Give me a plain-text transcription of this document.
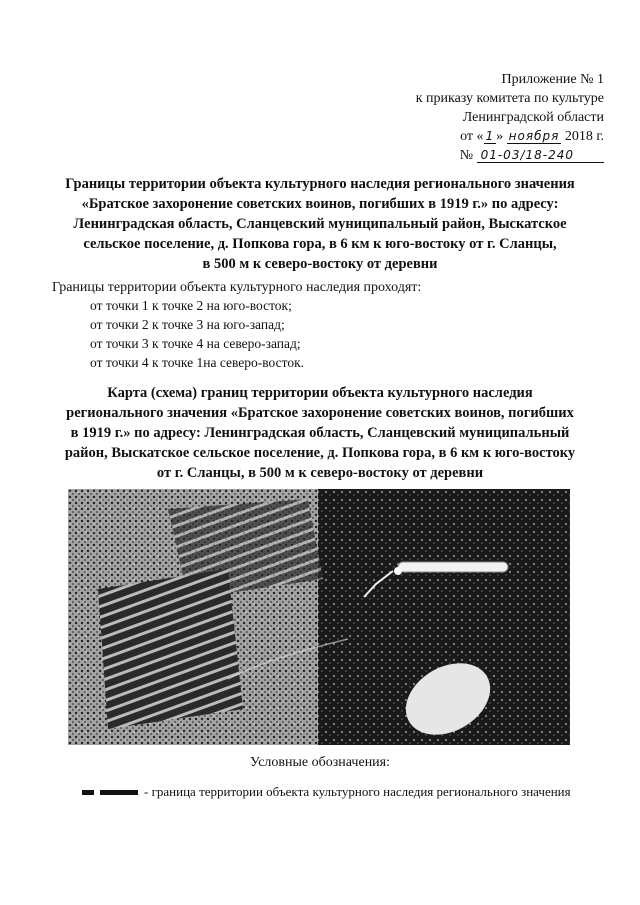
Приложение № 1
к приказу комитета по культуре
Ленинградской области
от « 1 » ноября 2018 г.
№ 01-03/18-240
Границы территории объекта культурного наследия регионального значения
«Братское захоронение советских воинов, погибших в 1919 г.» по адресу:
Ленинградская область, Сланцевский муниципальный район, Выскатское
сельское поселение, д. Попкова гора, в 6 км к юго-востоку от г. Сланцы,
в 500 м к северо-востоку от деревни
Границы территории объекта культурного наследия проходят:
от точки 1 к точке 2 на юго-восток;
от точки 2 к точке 3 на юго-запад;
от точки 3 к точке 4 на северо-запад;
от точки 4 к точке 1на северо-восток.
Карта (схема) границ территории объекта культурного наследия
регионального значения «Братское захоронение советских воинов, погибших
в 1919 г.» по адресу: Ленинградская область, Сланцевский муниципальный
район, Выскатское сельское поселение, д. Попкова гора, в 6 км к юго-востоку
от г. Сланцы, в 500 м к северо-востоку от деревни
Условные обозначения:
- граница территории объекта культурного наследия регионального значения
